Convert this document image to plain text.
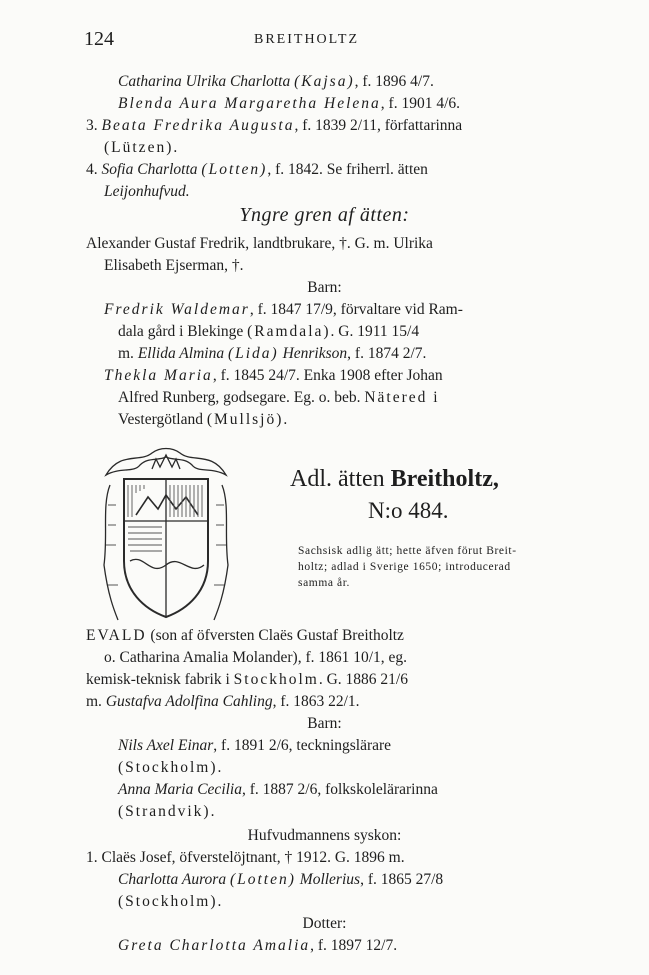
124	BREITHOLTZ
Catharina Ulrika Charlotta (Kajsa), f. 1896 4/7.
Blenda Aura Margaretha Helena, f. 1901 4/6.
3. Beata Fredrika Augusta, f. 1839 2/11, författarinna
(Lützen).
4. Sofia Charlotta (Lotten), f. 1842. Se friherrl. ätten
Leijonhufvud.
Yngre gren af ätten:
Alexander Gustaf Fredrik, landtbrukare, †. G. m. Ulrika
Elisabeth Ejserman, †.
Barn:
Fredrik Waldemar, f. 1847 17/9, förvaltare vid Ram-
dala gård i Blekinge (Ramdala). G. 1911 15/4
m. Ellida Almina (Lida) Henrikson, f. 1874 2/7.
Thekla Maria, f. 1845 24/7. Enka 1908 efter Johan
Alfred Runberg, godsegare. Eg. o. beb. Nätered i
Vestergötland (Mullsjö).
Adl. ätten Breitholtz,
N:o 484.
Sachsisk adlig ätt; hette äfven förut Breit-
holtz; adlad i Sverige 1650; introducerad
samma år.
EVALD (son af öfversten Claës Gustaf Breitholtz
o. Catharina Amalia Molander), f. 1861 10/1, eg.
kemisk-teknisk fabrik i Stockholm. G. 1886 21/6
m. Gustafva Adolfina Cahling, f. 1863 22/1.
Barn:
Nils Axel Einar, f. 1891 2/6, teckningslärare
(Stockholm).
Anna Maria Cecilia, f. 1887 2/6, folkskolelärarinna
(Strandvik).
Hufvudmannens syskon:
1. Claës Josef, öfverstelöjtnant, † 1912. G. 1896 m.
Charlotta Aurora (Lotten) Mollerius, f. 1865 27/8
(Stockholm).
Dotter:
Greta Charlotta Amalia, f. 1897 12/7.
